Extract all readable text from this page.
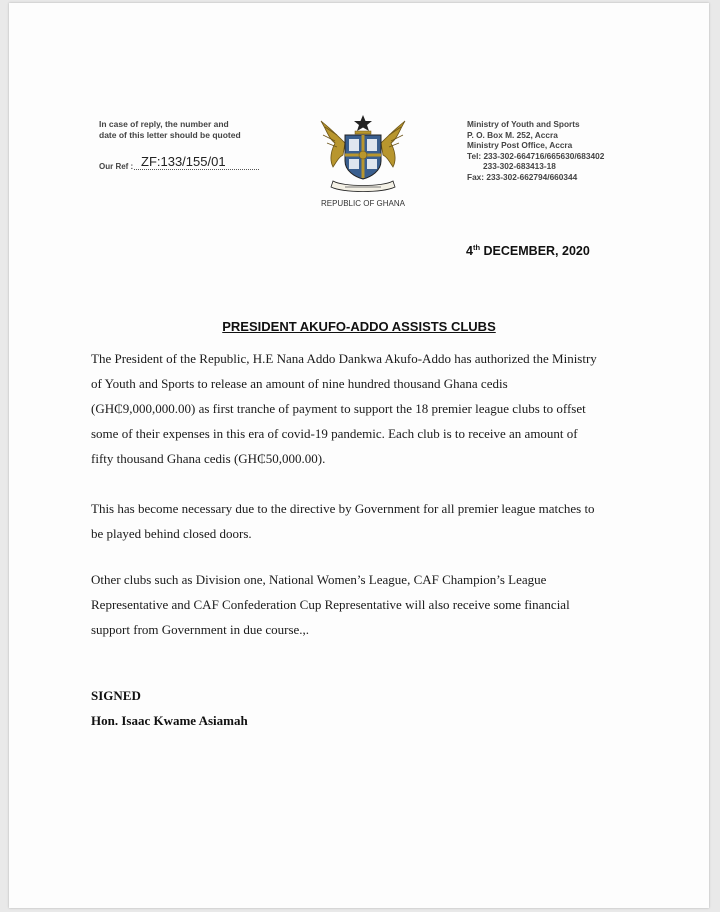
In case of reply, the number and
date of this letter should be quoted
Our Ref : ZF:133/155/01
REPUBLIC OF GHANA
Ministry of Youth and Sports
P. O. Box M. 252, Accra
Ministry Post Office, Accra
Tel: 233-302-664716/665630/683402
233-302-683413-18
Fax: 233-302-662794/660344
4th DECEMBER, 2020
PRESIDENT AKUFO-ADDO ASSISTS CLUBS
The President of the Republic, H.E Nana Addo Dankwa Akufo-Addo has authorized the Ministry
of Youth and Sports to release an amount of nine hundred thousand Ghana cedis
(GH₵9,000,000.00) as first tranche of payment to support the 18 premier league clubs to offset
some of their expenses in this era of covid-19 pandemic. Each club is to receive an amount of
fifty thousand Ghana cedis (GH₵50,000.00).
This has become necessary due to the directive by Government for all premier league matches to
be played behind closed doors.
Other clubs such as Division one, National Women’s League, CAF Champion’s League
Representative and CAF Confederation Cup Representative will also receive some financial
support from Government in due course.,.
SIGNED
Hon. Isaac Kwame Asiamah
